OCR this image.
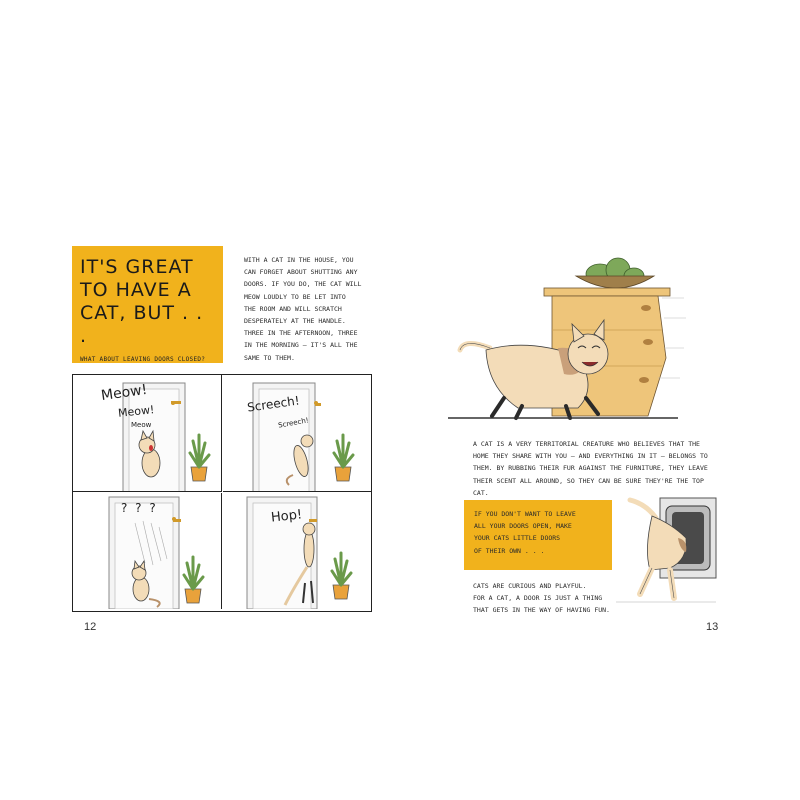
IT'S GREAT TO HAVE A CAT, BUT . . .
WHAT ABOUT LEAVING DOORS CLOSED?
WITH A CAT IN THE HOUSE, YOU
CAN FORGET ABOUT SHUTTING ANY
DOORS. IF YOU DO, THE CAT WILL
MEOW LOUDLY TO BE LET INTO
THE ROOM AND WILL SCRATCH
DESPERATELY AT THE HANDLE.
THREE IN THE AFTERNOON, THREE
IN THE MORNING – IT'S ALL THE
SAME TO THEM.
Meow!
Meow!
Meow
Screech!
Screech!
? ? ?	Hop!
12
A CAT IS A VERY TERRITORIAL CREATURE WHO BELIEVES THAT THE
HOME THEY SHARE WITH YOU – AND EVERYTHING IN IT – BELONGS TO
THEM. BY RUBBING THEIR FUR AGAINST THE FURNITURE, THEY LEAVE
THEIR SCENT ALL AROUND, SO THEY CAN BE SURE THEY'RE THE TOP CAT.
IF YOU DON'T WANT TO LEAVE
ALL YOUR DOORS OPEN, MAKE
YOUR CATS LITTLE DOORS
OF THEIR OWN . . .
CATS ARE CURIOUS AND PLAYFUL.
FOR A CAT, A DOOR IS JUST A THING
THAT GETS IN THE WAY OF HAVING FUN.
13
